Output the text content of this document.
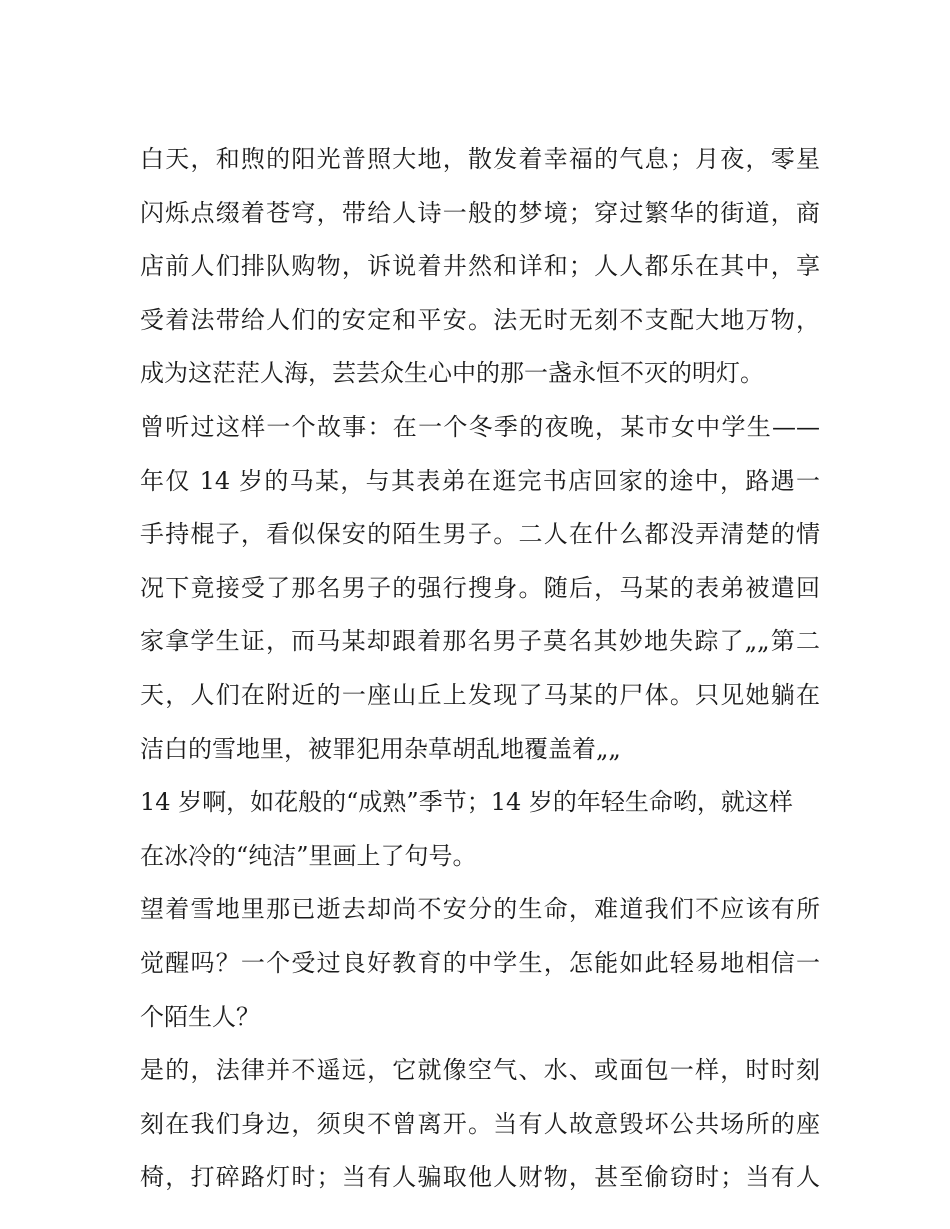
白天，和煦的阳光普照大地，散发着幸福的气息；月夜，零星
闪烁点缀着苍穹，带给人诗一般的梦境；穿过繁华的街道，商
店前人们排队购物，诉说着井然和详和；人人都乐在其中，享
受着法带给人们的安定和平安。法无时无刻不支配大地万物，
成为这茫茫人海，芸芸众生心中的那一盏永恒不灭的明灯。
曾听过这样一个故事：在一个冬季的夜晚，某市女中学生——
年仅 14 岁的马某，与其表弟在逛完书店回家的途中，路遇一
手持棍子，看似保安的陌生男子。二人在什么都没弄清楚的情
况下竟接受了那名男子的强行搜身。随后，马某的表弟被遣回
家拿学生证，而马某却跟着那名男子莫名其妙地失踪了„„第二
天，人们在附近的一座山丘上发现了马某的尸体。只见她躺在
洁白的雪地里，被罪犯用杂草胡乱地覆盖着„„
14 岁啊，如花般的“成熟”季节；14 岁的年轻生命哟，就这样
在冰冷的“纯洁”里画上了句号。
望着雪地里那已逝去却尚不安分的生命，难道我们不应该有所
觉醒吗？一个受过良好教育的中学生，怎能如此轻易地相信一
个陌生人？
是的，法律并不遥远，它就像空气、水、或面包一样，时时刻
刻在我们身边，须臾不曾离开。当有人故意毁坏公共场所的座
椅，打碎路灯时；当有人骗取他人财物，甚至偷窃时；当有人
